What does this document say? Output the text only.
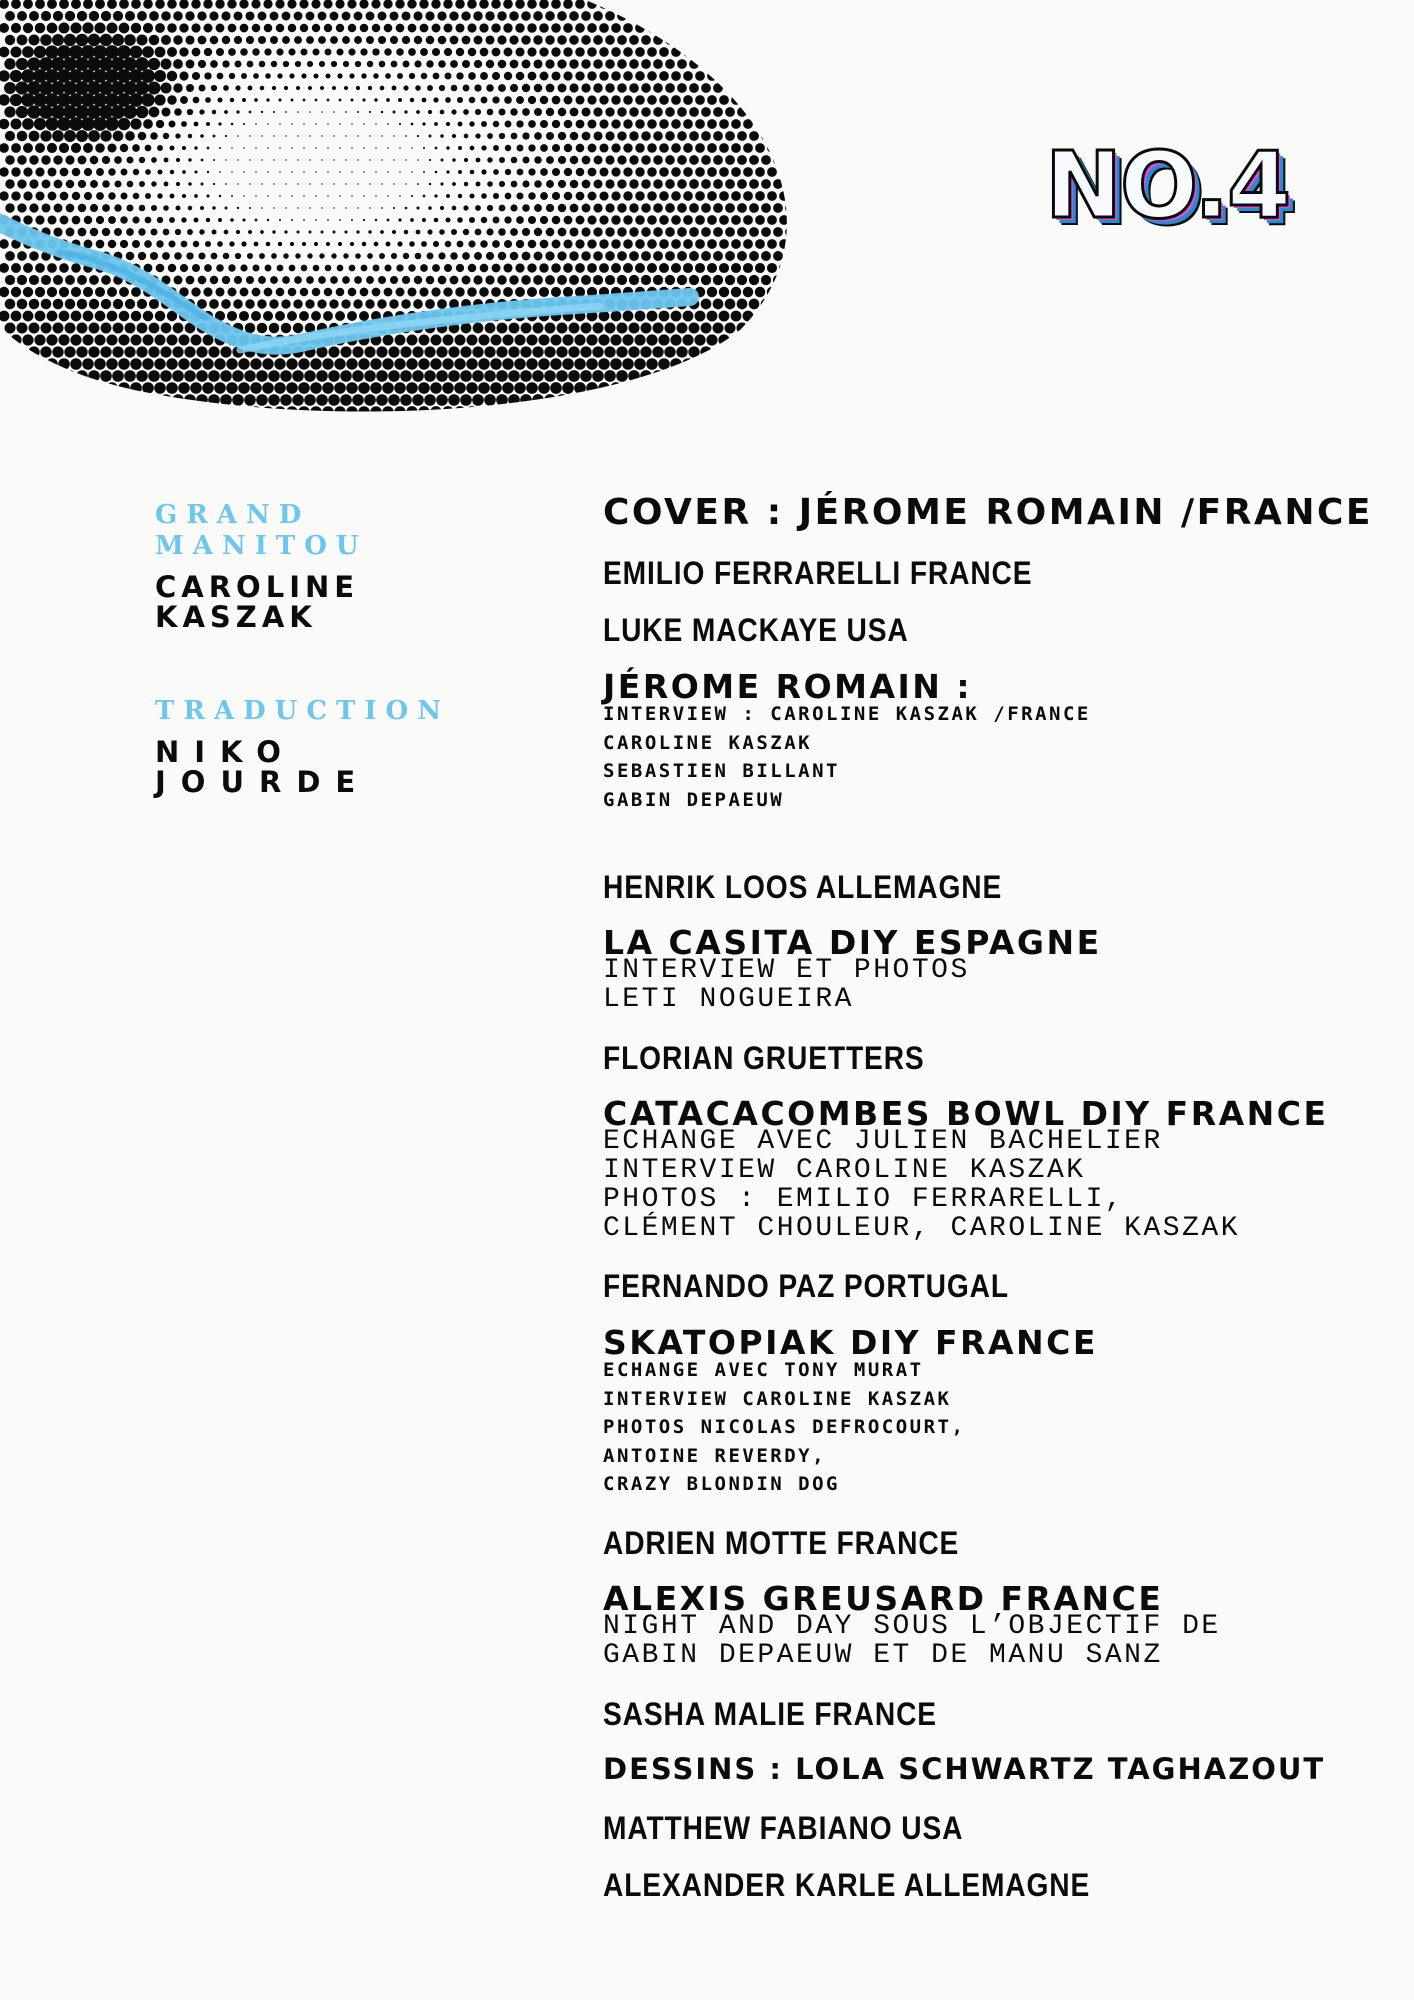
NO.4

GRAND MANITOU

CAROLINE
KASZAK

TRADUCTION

NIKO
JOURDE

COVER : JÉROME ROMAIN /FRANCE

EMILIO FERRARELLI FRANCE

LUKE MACKAYE USA

JÉROME ROMAIN :

INTERVIEW : CAROLINE KASZAK /FRANCE
CAROLINE KASZAK
SEBASTIEN BILLANT
GABIN DEPAEUW

HENRIK LOOS ALLEMAGNE

LA CASITA DIY ESPAGNE

INTERVIEW ET PHOTOS
LETI NOGUEIRA

FLORIAN GRUETTERS

CATACACOMBES BOWL DIY FRANCE

ECHANGE AVEC JULIEN BACHELIER
INTERVIEW CAROLINE KASZAK
PHOTOS : EMILIO FERRARELLI,
CLÉMENT CHOULEUR, CAROLINE KASZAK

FERNANDO PAZ PORTUGAL

SKATOPIAK DIY FRANCE

ECHANGE AVEC TONY MURAT
INTERVIEW CAROLINE KASZAK
PHOTOS NICOLAS DEFROCOURT,
ANTOINE REVERDY,
CRAZY BLONDIN DOG

ADRIEN MOTTE FRANCE

ALEXIS GREUSARD FRANCE

NIGHT AND DAY SOUS L’OBJECTIF DE
GABIN DEPAEUW ET DE MANU SANZ

SASHA MALIE FRANCE

DESSINS : LOLA SCHWARTZ TAGHAZOUT

MATTHEW FABIANO USA

ALEXANDER KARLE ALLEMAGNE
